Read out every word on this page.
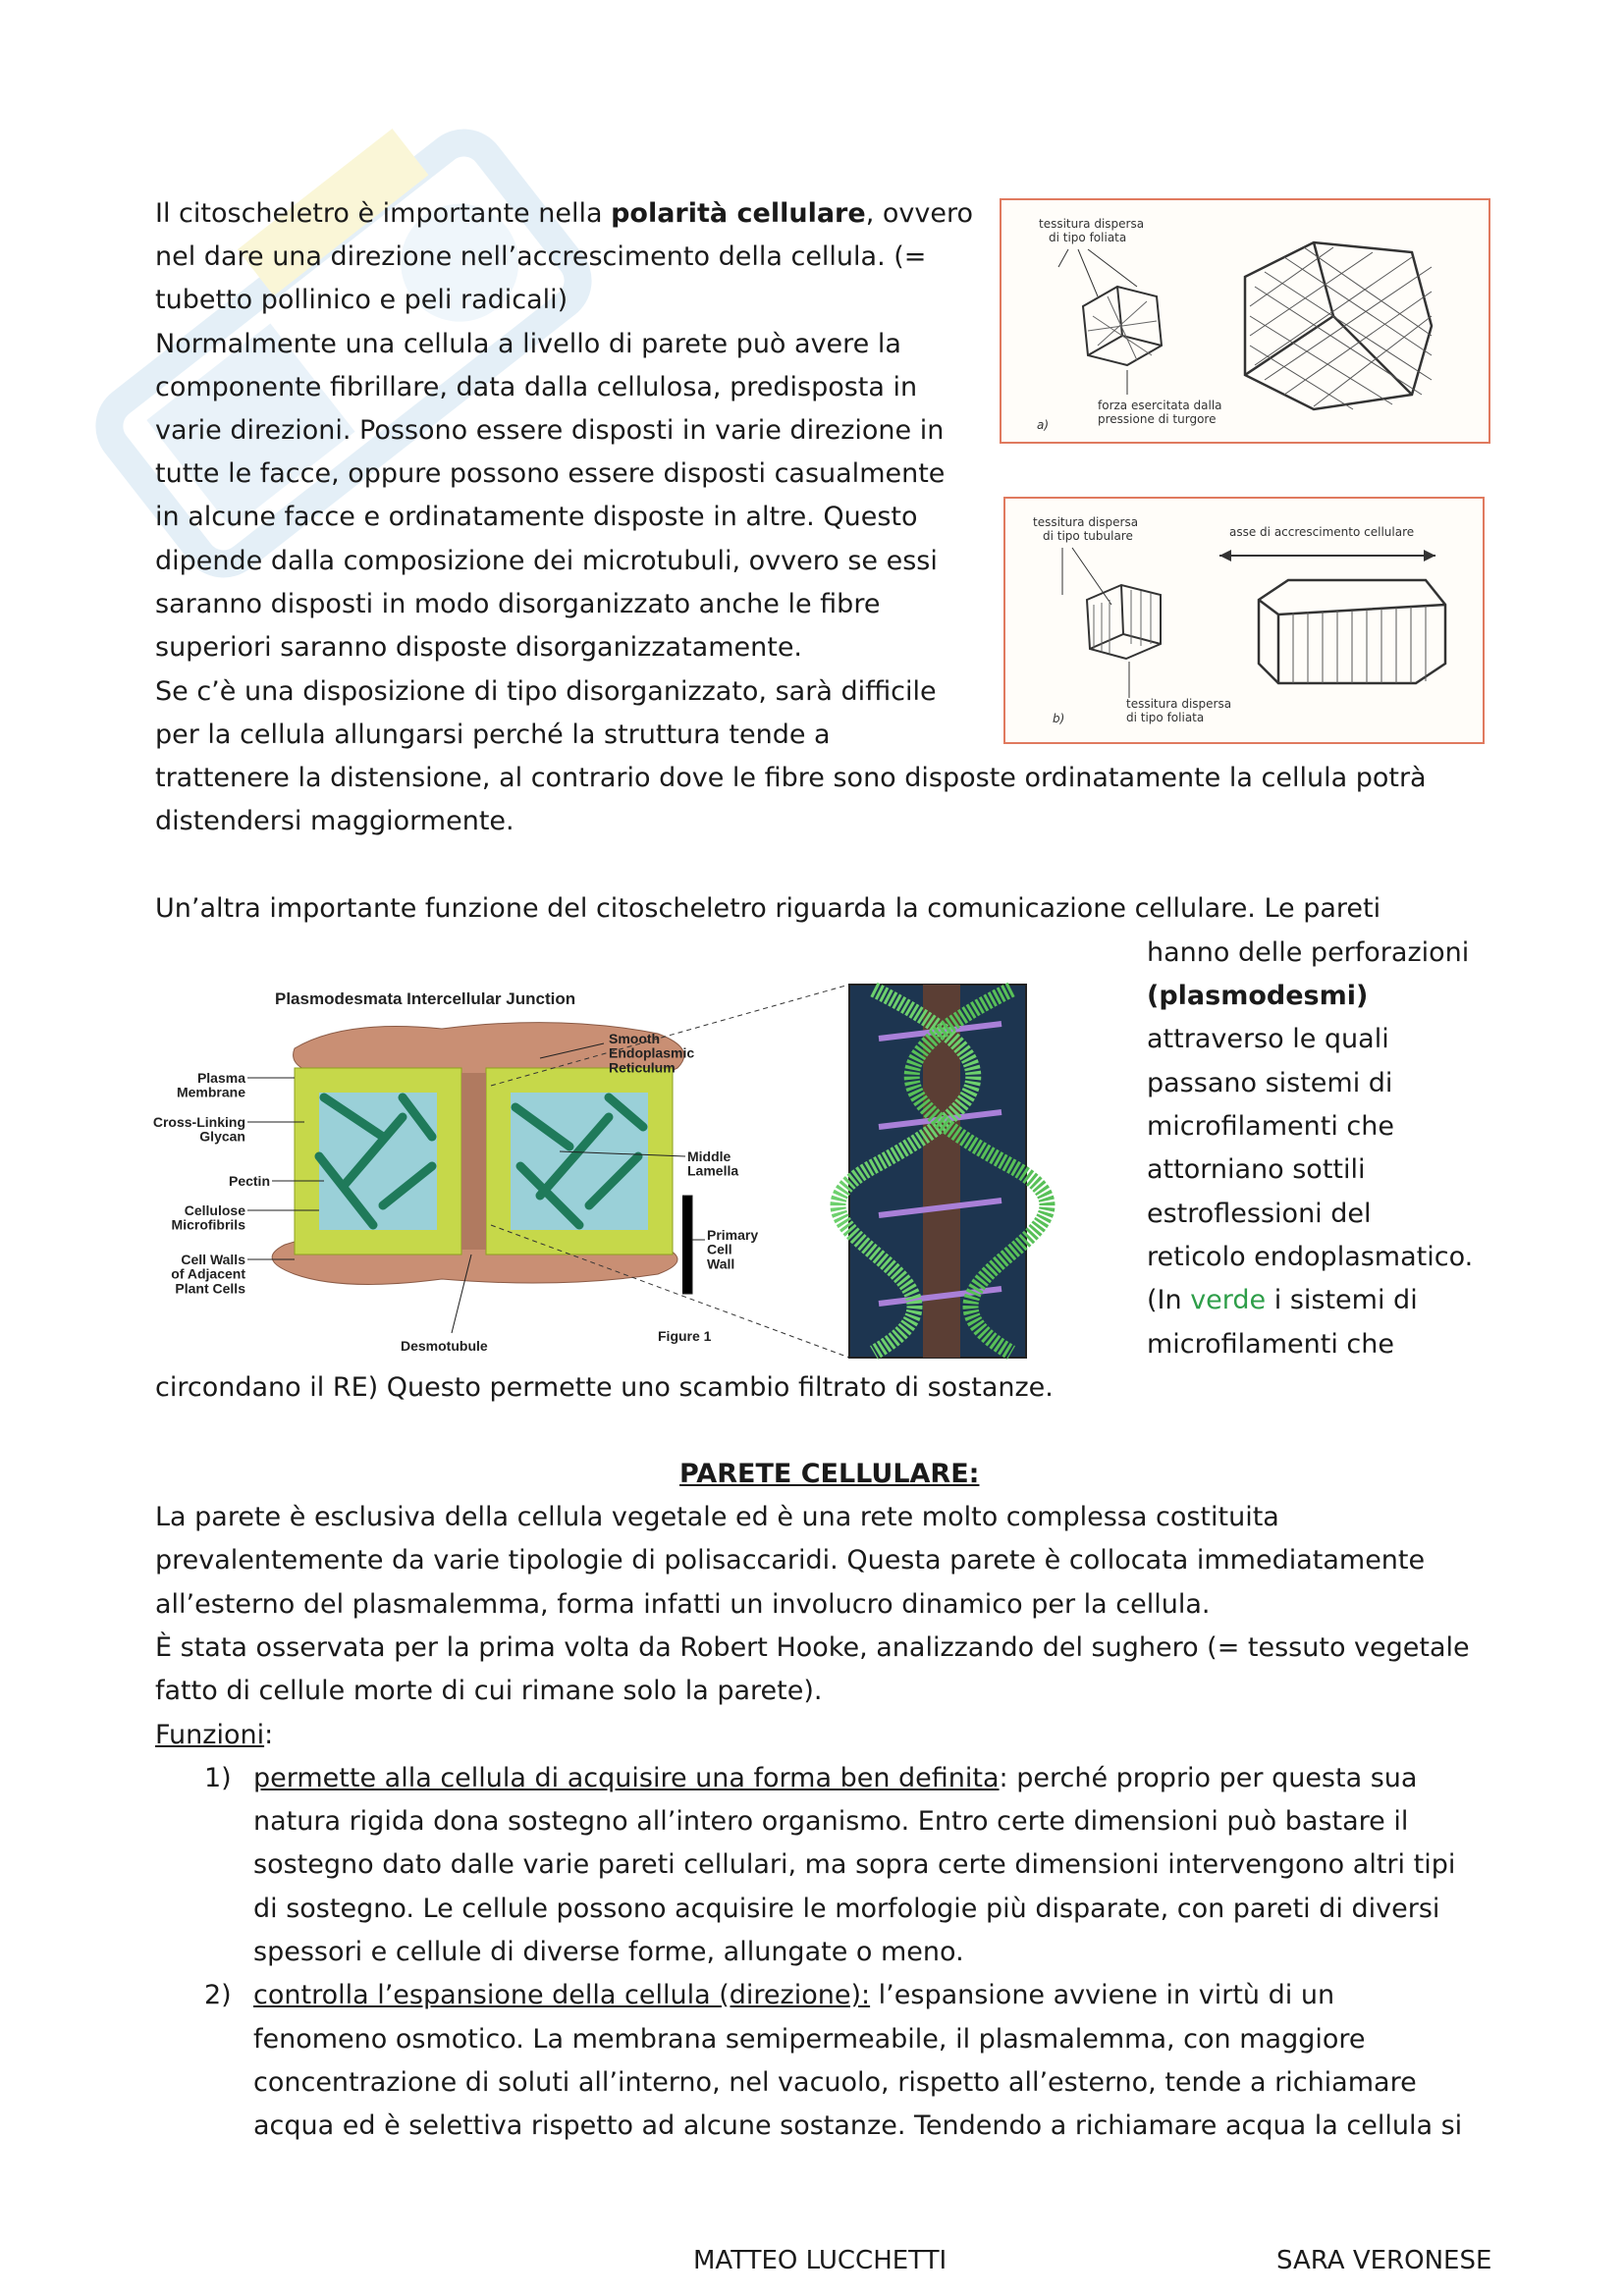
Il citoscheletro è importante nella polarità cellulare, ovvero
nel dare una direzione nell’accrescimento della cellula. (=
tubetto pollinico e peli radicali)
Normalmente una cellula a livello di parete può avere la
componente fibrillare, data dalla cellulosa, predisposta in
varie direzioni. Possono essere disposti in varie direzione in
tutte le facce, oppure possono essere disposti casualmente
in alcune facce e ordinatamente disposte in altre. Questo
dipende dalla composizione dei microtubuli, ovvero se essi
saranno disposti in modo disorganizzato anche le fibre
superiori saranno disposte disorganizzatamente.
Se c’è una disposizione di tipo disorganizzato, sarà difficile
per la cellula allungarsi perché la struttura tende a
trattenere la distensione, al contrario dove le fibre sono disposte ordinatamente la cellula potrà
distendersi maggiormente.
tessitura dispersa
di tipo foliata
forza esercitata dalla
pressione di turgore
a)
tessitura dispersa
di tipo tubulare	asse di accrescimento cellulare
tessitura dispersa
di tipo foliata
b)
Un’altra importante funzione del citoscheletro riguarda la comunicazione cellulare. Le pareti
hanno delle perforazioni
(plasmodesmi)
attraverso le quali
passano sistemi di
microfilamenti che
attorniano sottili
estroflessioni del
reticolo endoplasmatico.
(In verde i sistemi di
microfilamenti che
circondano il RE) Questo permette uno scambio filtrato di sostanze.
Plasmodesmata Intercellular Junction
Plasma Membrane
Cross-Linking Glycan
Pectin
Cellulose Microfibrils
Cell Walls of Adjacent Plant Cells
Smooth Endoplasmic Reticulum
Middle Lamella
Primary Cell Wall
Desmotubule
Figure 1
PARETE CELLULARE:
La parete è esclusiva della cellula vegetale ed è una rete molto complessa costituita
prevalentemente da varie tipologie di polisaccaridi. Questa parete è collocata immediatamente
all’esterno del plasmalemma, forma infatti un involucro dinamico per la cellula.
È stata osservata per la prima volta da Robert Hooke, analizzando del sughero (= tessuto vegetale
fatto di cellule morte di cui rimane solo la parete).
Funzioni:
1) permette alla cellula di acquisire una forma ben definita: perché proprio per questa sua
natura rigida dona sostegno all’intero organismo. Entro certe dimensioni può bastare il
sostegno dato dalle varie pareti cellulari, ma sopra certe dimensioni intervengono altri tipi
di sostegno. Le cellule possono acquisire le morfologie più disparate, con pareti di diversi
spessori e cellule di diverse forme, allungate o meno.
2) controlla l’espansione della cellula (direzione): l’espansione avviene in virtù di un
fenomeno osmotico. La membrana semipermeabile, il plasmalemma, con maggiore
concentrazione di soluti all’interno, nel vacuolo, rispetto all’esterno, tende a richiamare
acqua ed è selettiva rispetto ad alcune sostanze. Tendendo a richiamare acqua la cellula si
MATTEO LUCCHETTI	SARA VERONESE
